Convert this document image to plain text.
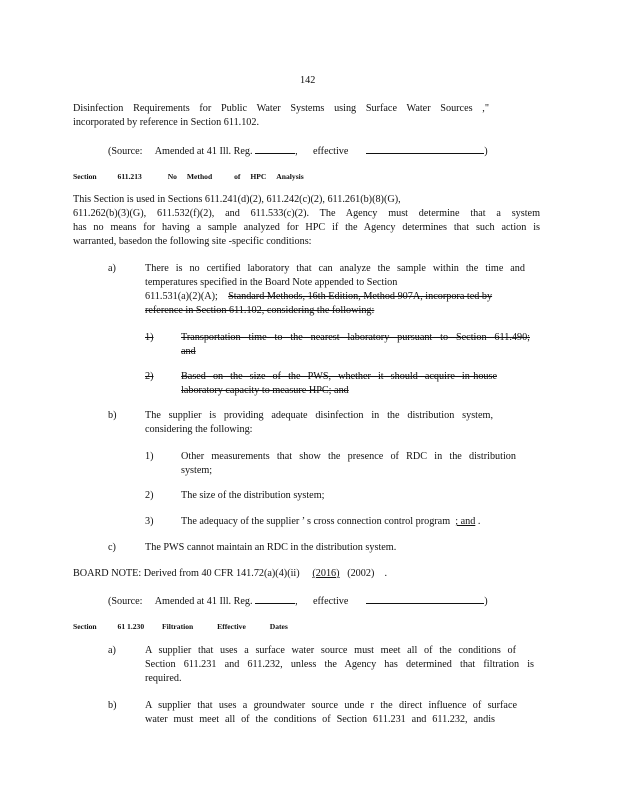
142
Disinfection Requirements for Public Water Systems using Surface Water Sources ,"
incorporated by reference in Section 611.102.
(Source: Amended at 41 Ill. Reg.	, effective	)
Section	611.213	No Method	of HPC Analysis
This Section is used in Sections 611.241(d)(2), 611.242(c)(2), 611.261(b)(8)(G),
611.262(b)(3)(G), 611.532(f)(2), and 611.533(c)(2). The Agency must determine that a system
has no means for having a sample analyzed for HPC if the Agency determines that such action is
warranted, basedon the following site -specific conditions:
a)	There is no certified laboratory that can analyze the sample within the time and
temperatures specified in the Board Note appended to Section
611.531(a)(2)(A); Standard Methods, 16th Edition, Method 907A, incorpora ted by
reference in Section 611.102, considering the following:
1)	Transportation time to the nearest laboratory pursuant to Section 611.490;
and
2)	Based on the size of the PWS, whether it should acquire in-house
laboratory capacity to measure HPC; and
b)	The supplier is providing adequate disinfection in the distribution system,
considering the following:
1)	Other measurements that show the presence of RDC in the distribution
system;
2)	The size of the distribution system;
3)	The adequacy of the supplier ’ s cross connection control program ; and .
c)	The PWS cannot maintain an RDC in the distribution system.
BOARD NOTE: Derived from 40 CFR 141.72(a)(4)(ii) (2016) (2002) .
(Source: Amended at 41 Ill. Reg.	, effective	)
Section	61 1.230 Filtration	Effective	Dates
a)	A supplier that uses a surface water source must meet all of the conditions of
Section 611.231 and 611.232, unless the Agency has determined that filtration is
required.
b)	A supplier that uses a groundwater source unde r the direct influence of surface
water must meet all of the conditions of Section 611.231 and 611.232, andis
